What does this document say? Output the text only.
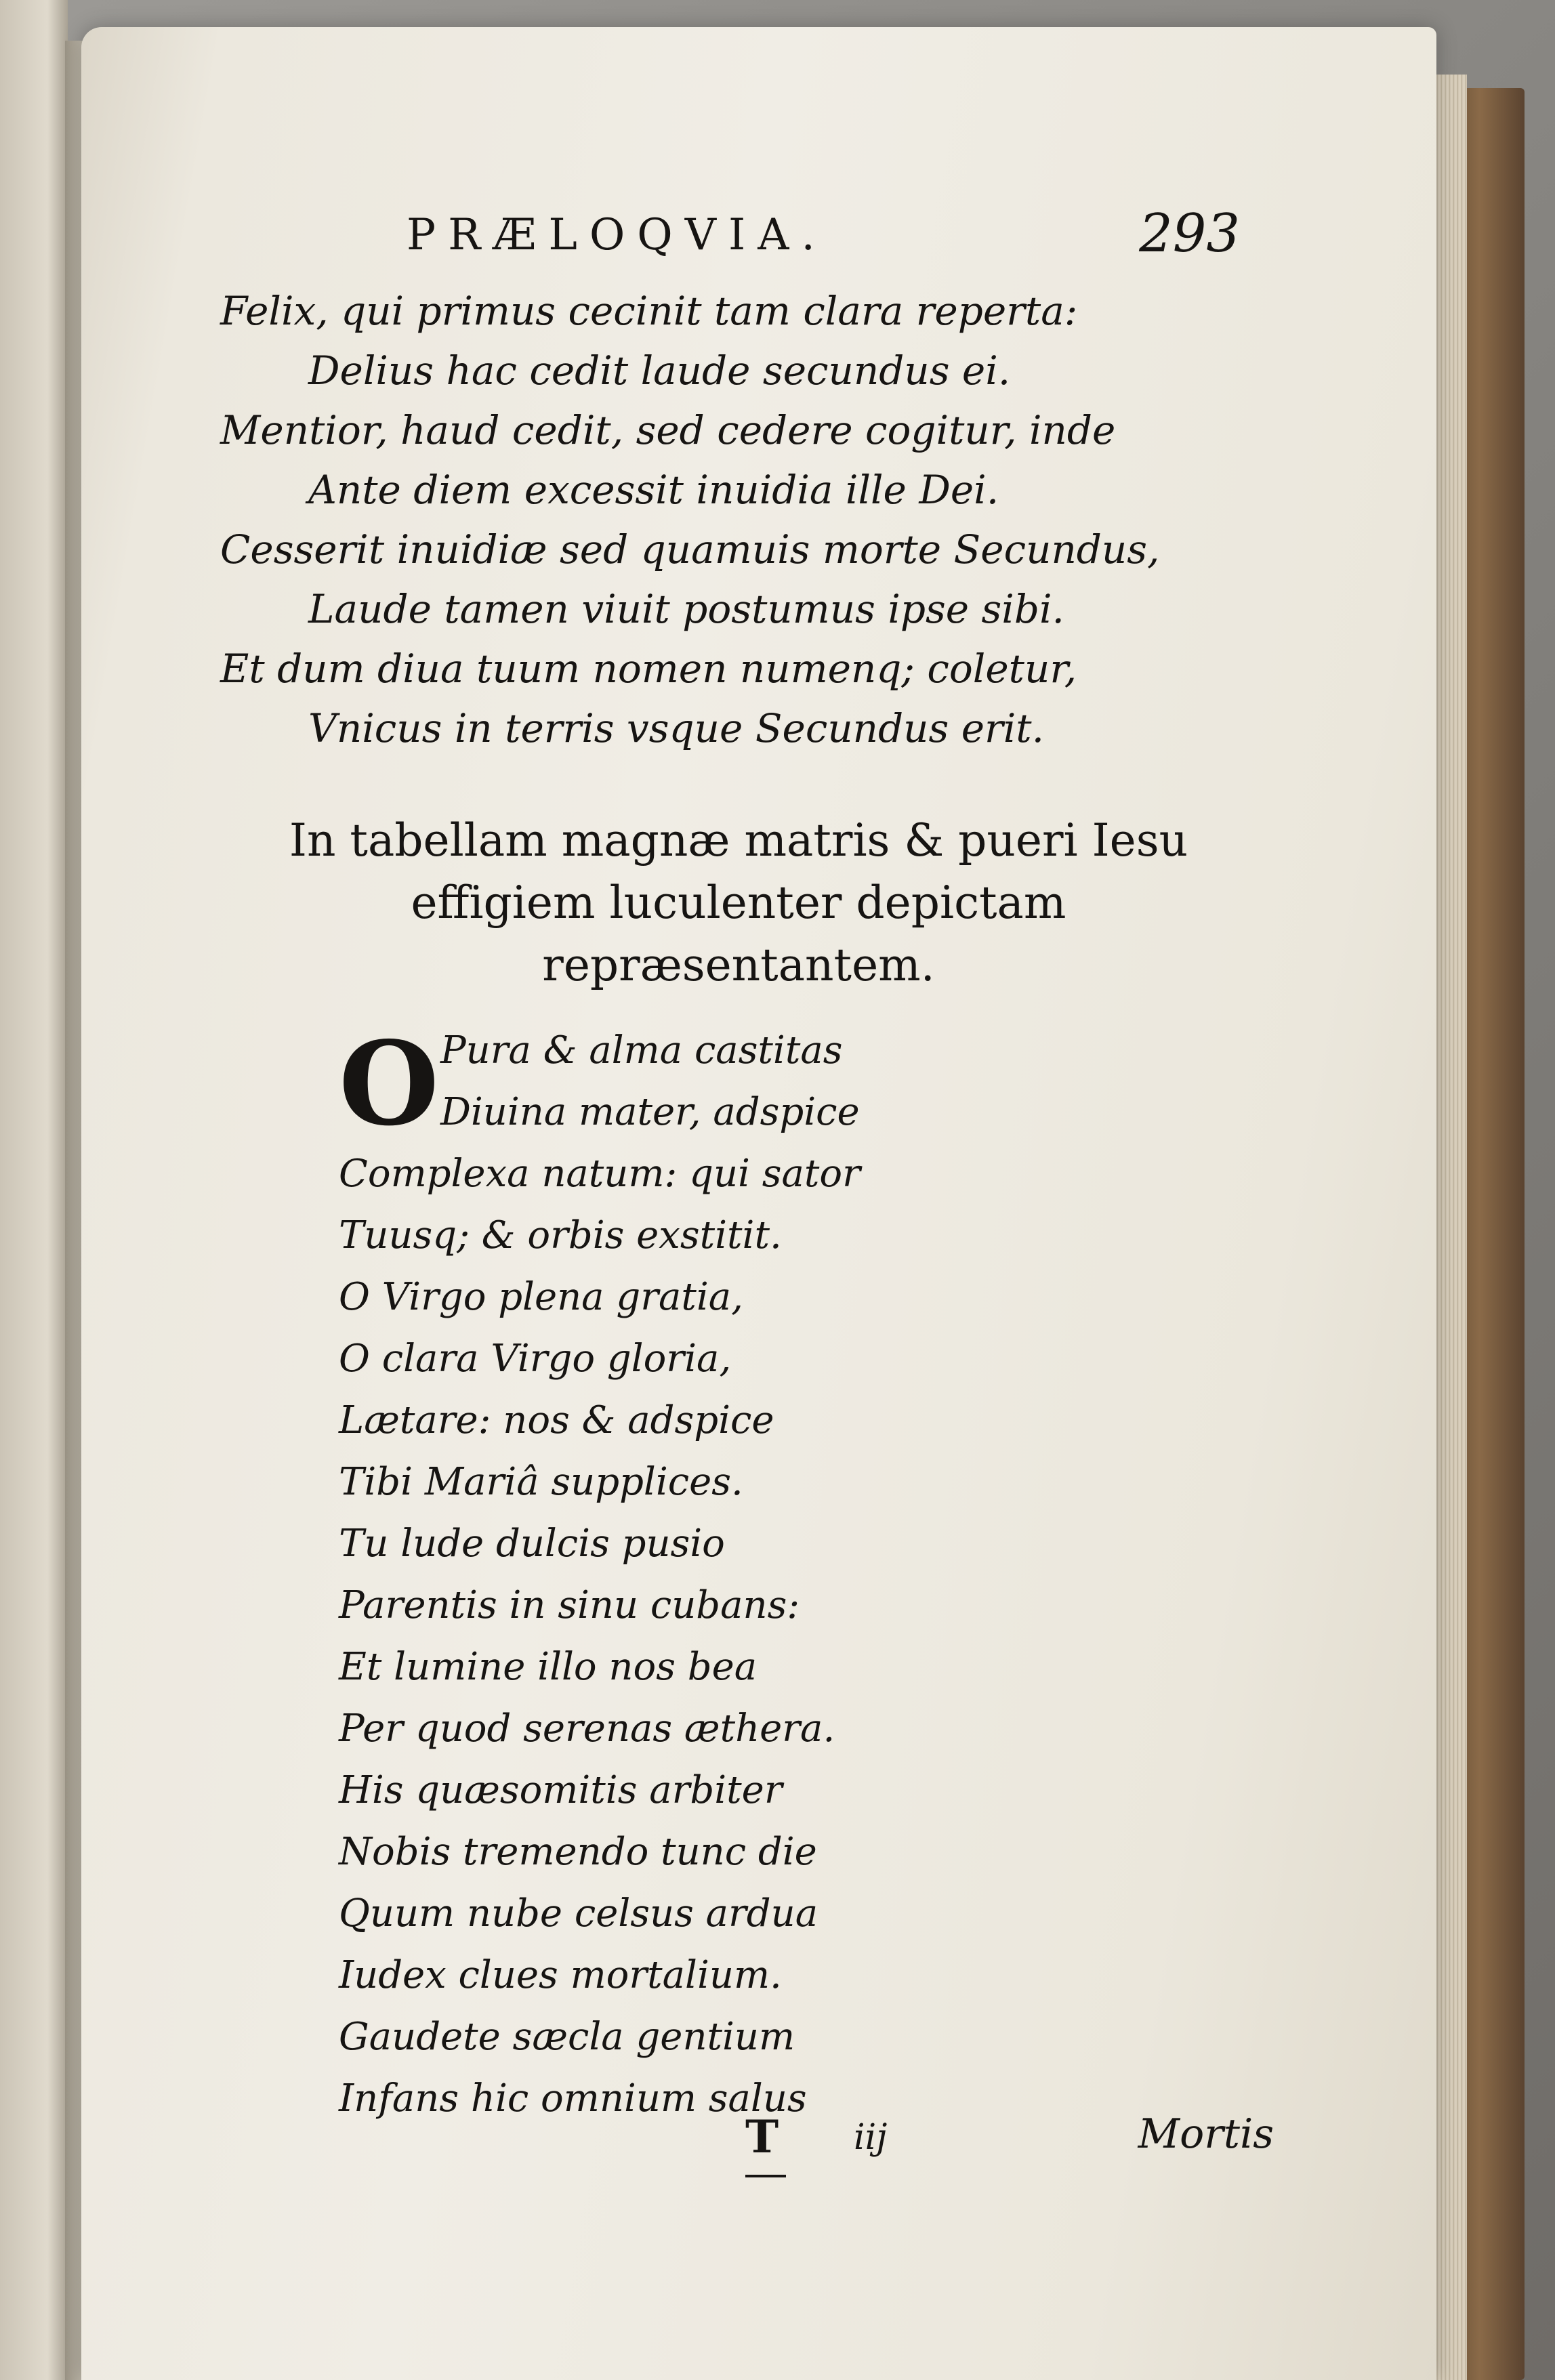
PRÆLOQVIA.	293
Felix, qui primus cecinit tam clara reperta:
Delius hac cedit laude secundus ei.
Mentior, haud cedit, sed cedere cogitur, inde
Ante diem excessit inuidia ille Dei.
Cesserit inuidiæ sed quamuis morte Secundus,
Laude tamen viuit postumus ipse sibi.
Et dum diua tuum nomen numenq; coletur,
Vnicus in terris vsque Secundus erit.
In tabellam magnæ matris & pueri Iesu
effigiem luculenter depictam
repræsentantem.
O Pura & alma castitas
Diuina mater, adspice
Complexa natum: qui sator
Tuusq; & orbis exstitit.
O Virgo plena gratia,
O clara Virgo gloria,
Lætare: nos & adspice
Tibi Mariâ supplices.
Tu lude dulcis pusio
Parentis in sinu cubans:
Et lumine illo nos bea
Per quod serenas æthera.
His quæsomitis arbiter
Nobis tremendo tunc die
Quum nube celsus ardua
Iudex clues mortalium.
Gaudete sæcla gentium
Infans hic omnium salus
T iij	Mortis
